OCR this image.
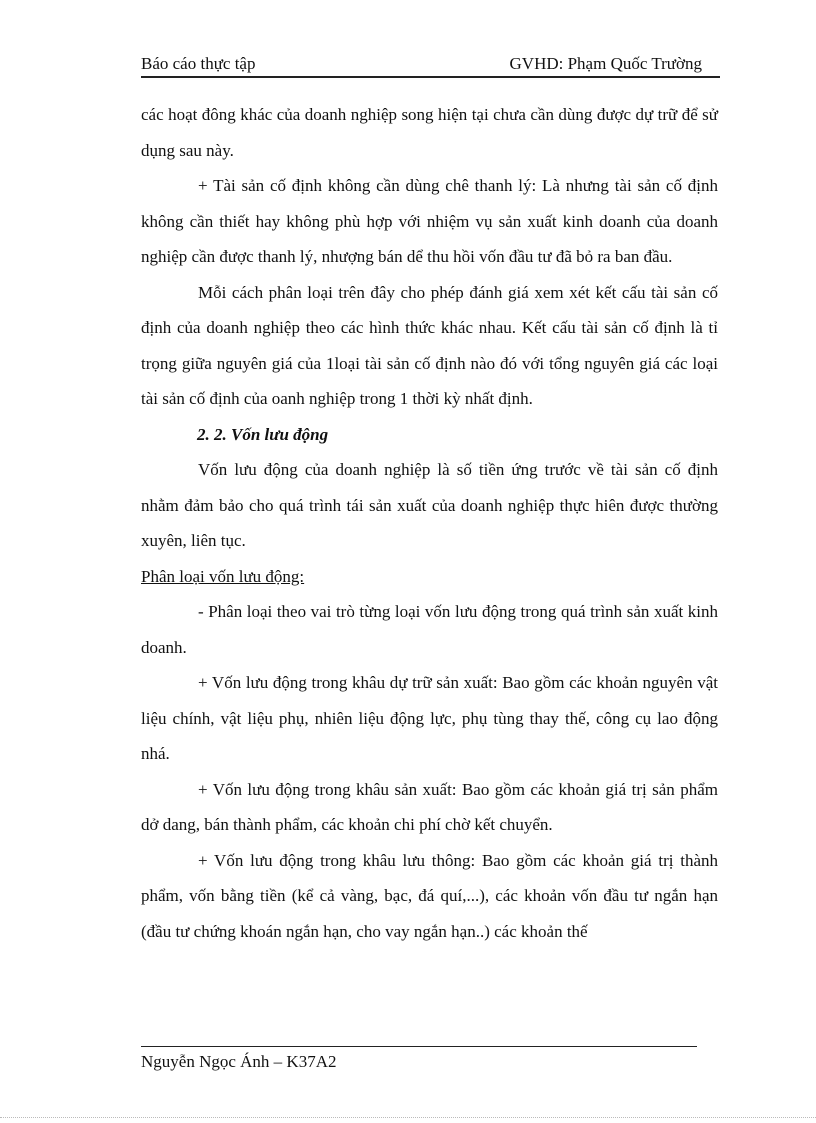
Báo cáo thực tập	GVHD: Phạm Quốc Trường

các hoạt đông khác của doanh nghiệp song hiện tại chưa cần dùng được dự trữ để sử dụng sau này.

+ Tài sản cố định không cần dùng chê thanh lý: Là nhưng tài sản cố định không cần thiết hay không phù hợp với nhiệm vụ sản xuất kinh doanh của doanh nghiệp cần được thanh lý, nhượng bán dể thu hồi vốn đầu tư đã bỏ ra ban đầu.

Mỗi cách phân loại trên đây cho phép đánh giá xem xét kết cấu tài sản cố định của doanh nghiệp theo các hình thức khác nhau. Kết cấu tài sản cố định là tỉ trọng giữa nguyên giá của 1loại tài sản cố định nào đó với tổng nguyên giá các loại tài sản cố định của oanh nghiệp trong 1 thời kỳ nhất định.

2. 2. Vốn lưu động

Vốn lưu động của doanh nghiệp là số tiền ứng trước về tài sản cố định nhằm đảm bảo cho quá trình tái sản xuất của doanh nghiệp thực hiên được thường xuyên, liên tục.

Phân loại vốn lưu động:

- Phân loại theo vai trò từng loại vốn lưu động trong quá trình sản xuất kinh doanh.

+ Vốn lưu động trong khâu dự trữ sản xuất: Bao gồm các khoản nguyên vật liệu chính, vật liệu phụ, nhiên liệu động lực, phụ tùng thay thế, công cụ lao động nhá.

+ Vốn lưu động trong khâu sản xuất: Bao gồm các khoản giá trị sản phẩm dở dang, bán thành phẩm, các khoản chi phí chờ kết chuyển.

+ Vốn lưu động trong khâu lưu thông: Bao gồm các khoản giá trị thành phẩm, vốn bằng tiền (kể cả vàng, bạc, đá quí,...), các khoản vốn đầu tư ngắn hạn (đầu tư chứng khoán ngắn hạn, cho vay ngắn hạn..) các khoản thế

Nguyễn Ngọc Ánh – K37A2
